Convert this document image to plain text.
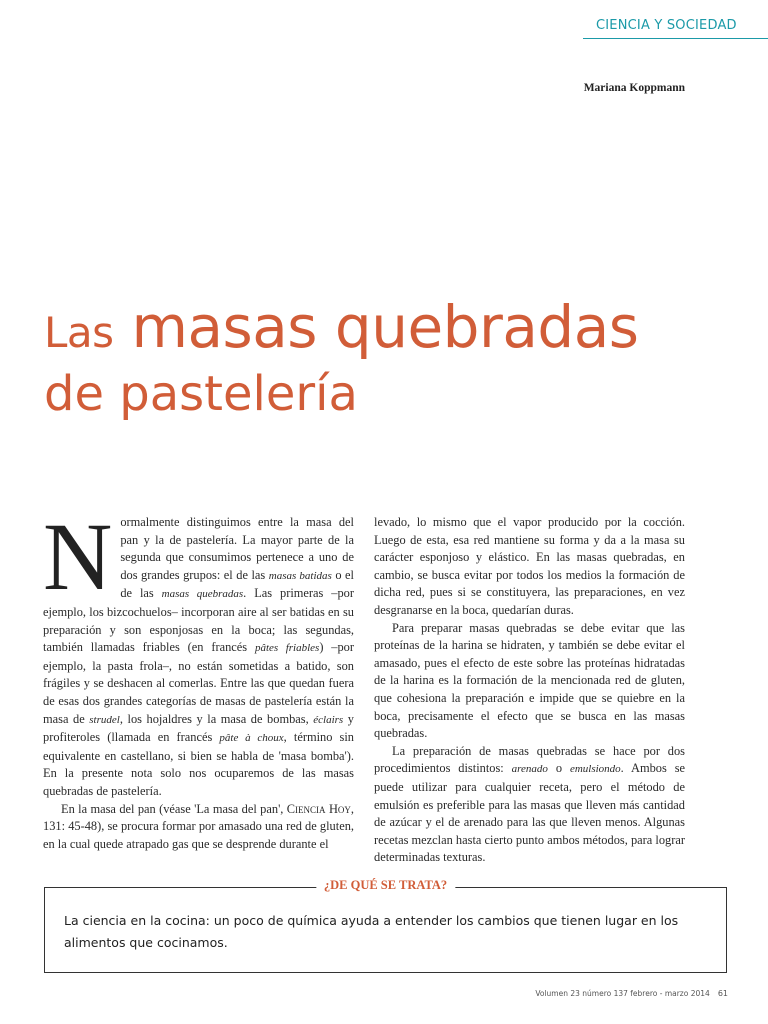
CIENCIA Y SOCIEDAD
Mariana Koppmann
Las masas quebradas
de pastelería

Normalmente distinguimos entre la masa del pan y la de pastelería. La mayor parte de la segunda que consumimos pertenece a uno de dos grandes grupos: el de las masas batidas o el de las masas quebradas. Las primeras –por ejemplo, los bizcochuelos– incorporan aire al ser batidas en su preparación y son esponjosas en la boca; las segundas, también llamadas friables (en francés pâtes friables) –por ejemplo, la pasta frola–, no están sometidas a batido, son frágiles y se deshacen al comerlas. Entre las que quedan fuera de esas dos grandes categorías de masas de pastelería están la masa de strudel, los hojaldres y la masa de bombas, éclairs y profiteroles (llamada en francés pâte à choux, término sin equivalente en castellano, si bien se habla de 'masa bomba'). En la presente nota solo nos ocuparemos de las masas quebradas de pastelería.

En la masa del pan (véase 'La masa del pan', Ciencia Hoy, 131: 45-48), se procura formar por amasado una red de gluten, en la cual quede atrapado gas que se desprende durante el

levado, lo mismo que el vapor producido por la cocción. Luego de esta, esa red mantiene su forma y da a la masa su carácter esponjoso y elástico. En las masas quebradas, en cambio, se busca evitar por todos los medios la formación de dicha red, pues si se constituyera, las preparaciones, en vez desgranarse en la boca, quedarían duras.

Para preparar masas quebradas se debe evitar que las proteínas de la harina se hidraten, y también se debe evitar el amasado, pues el efecto de este sobre las proteínas hidratadas de la harina es la formación de la mencionada red de gluten, que cohesiona la preparación e impide que se quiebre en la boca, precisamente el efecto que se busca en las masas quebradas.

La preparación de masas quebradas se hace por dos procedimientos distintos: arenado o emulsiondo. Ambos se puede utilizar para cualquier receta, pero el método de emulsión es preferible para las masas que lleven más cantidad de azúcar y el de arenado para las que lleven menos. Algunas recetas mezclan hasta cierto punto ambos métodos, para lograr determinadas texturas.

¿DE QUÉ SE TRATA?
La ciencia en la cocina: un poco de química ayuda a entender los cambios que tienen lugar en los alimentos que cocinamos.
Volumen 23 número 137 febrero - marzo 2014 61
